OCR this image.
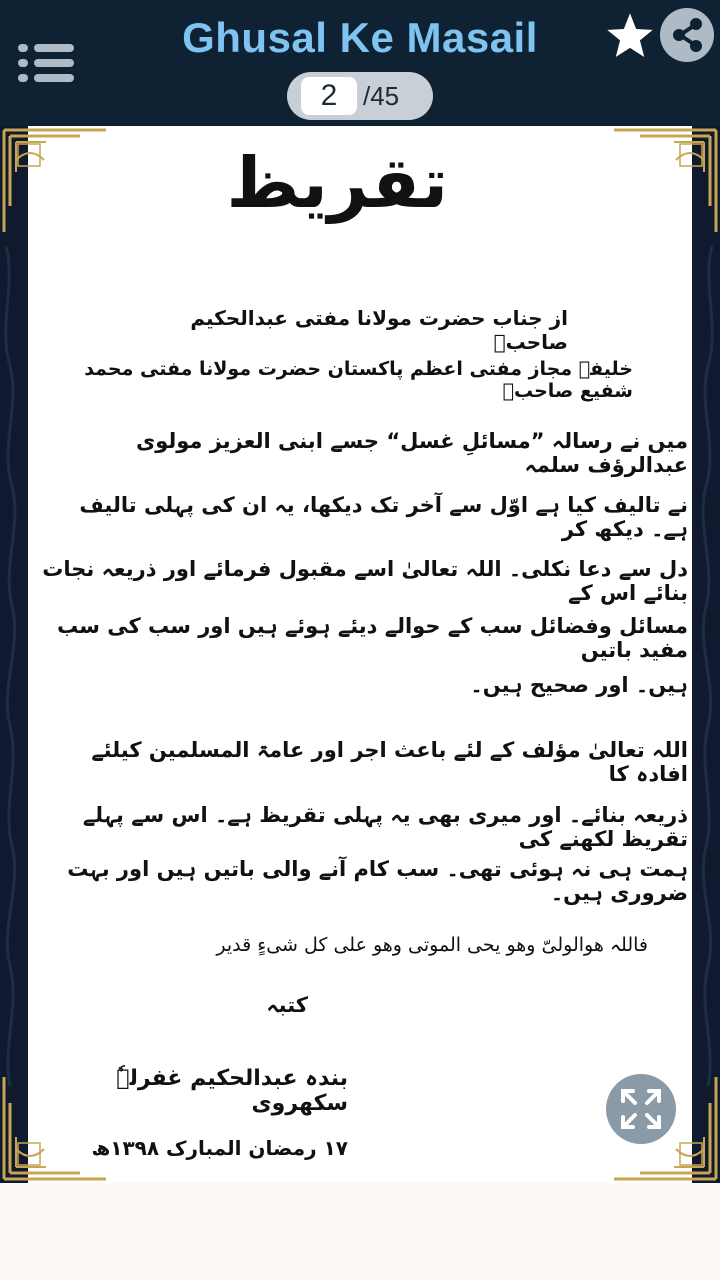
Ghusal Ke Masail
2 /45
تقریظ
از جناب حضرت مولانا مفتی عبدالحکیم صاحبؒ
خلیفۂ مجاز مفتی اعظم پاکستان حضرت مولانا مفتی محمد شفیع صاحبؒ
میں نے رسالہ ”مسائلِ غسل“ جسے ابنی العزیز مولوی عبدالرؤف سلمہ
نے تالیف کیا ہے اوّل سے آخر تک دیکھا، یہ ان کی پہلی تالیف ہے۔ دیکھ کر
دل سے دعا نکلی۔ اللہ تعالیٰ اسے مقبول فرمائے اور ذریعہ نجات بنائے اس کے
مسائل وفضائل سب کے حوالے دیئے ہوئے ہیں اور سب کی سب مفید باتیں
ہیں۔ اور صحیح ہیں۔
اللہ تعالیٰ مؤلف کے لئے باعث اجر اور عامۃ المسلمین کیلئے افادہ کا
ذریعہ بنائے۔ اور میری بھی یہ پہلی تقریظ ہے۔ اس سے پہلے تقریظ لکھنے کی
ہمت ہی نہ ہوئی تھی۔ سب کام آنے والی باتیں ہیں اور بہت ضروری ہیں۔
فاللہ ھوالولیّ وھو یحی الموتی وھو علی کل شیءٍ قدیر
کتبہ
بندہ عبدالحکیم غفرلہٗ سکھروی
۱۷ رمضان المبارک ۱۳۹۸ھ
